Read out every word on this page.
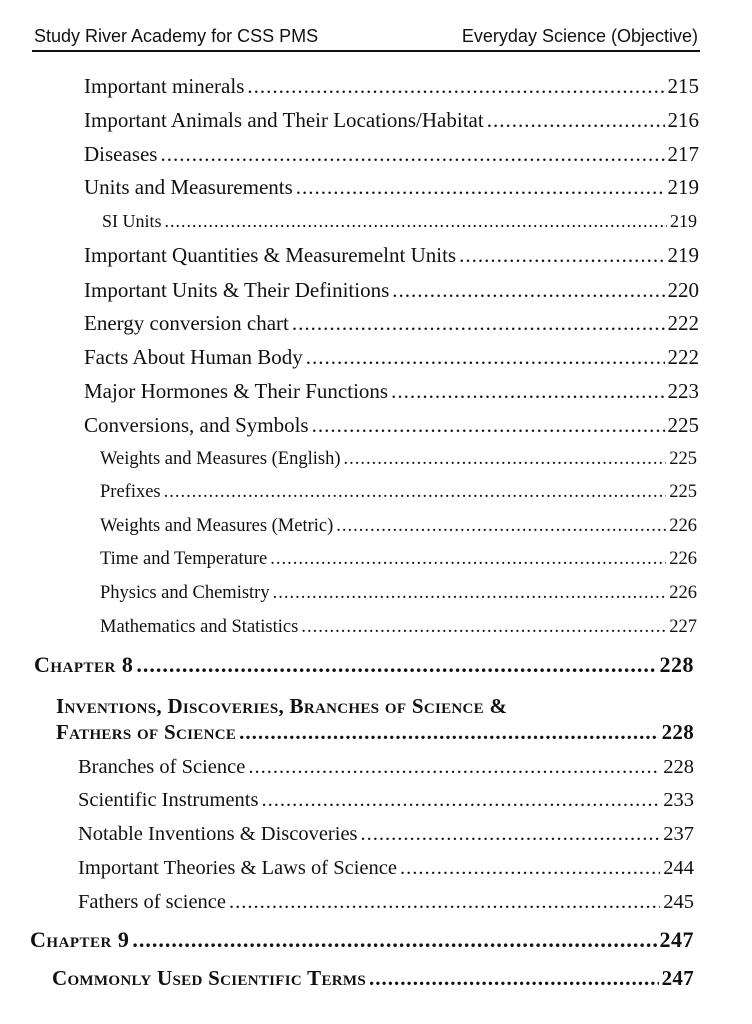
Study River Academy for CSS PMS	Everyday Science (Objective)
Important minerals .....	215
Important Animals and Their Locations/Habitat .....	216
Diseases .....	217
Units and Measurements .....	219
SI Units .....	219
Important Quantities & Measuremelnt Units .....	219
Important Units & Their Definitions .....	220
Energy conversion chart .....	222
Facts About Human Body .....	222
Major Hormones & Their Functions .....	223
Conversions, and Symbols .....	225
Weights and Measures (English) .....	225
Prefixes .....	225
Weights and Measures (Metric) .....	226
Time and Temperature .....	226
Physics and Chemistry .....	226
Mathematics and Statistics .....	227
Chapter 8 .....	228
Inventions, Discoveries, Branches of Science &
Fathers of Science .....	228
Branches of Science .....	228
Scientific Instruments .....	233
Notable Inventions & Discoveries .....	237
Important Theories & Laws of Science .....	244
Fathers of science .....	245
Chapter 9 .....	247
Commonly Used Scientific Terms .....	247
